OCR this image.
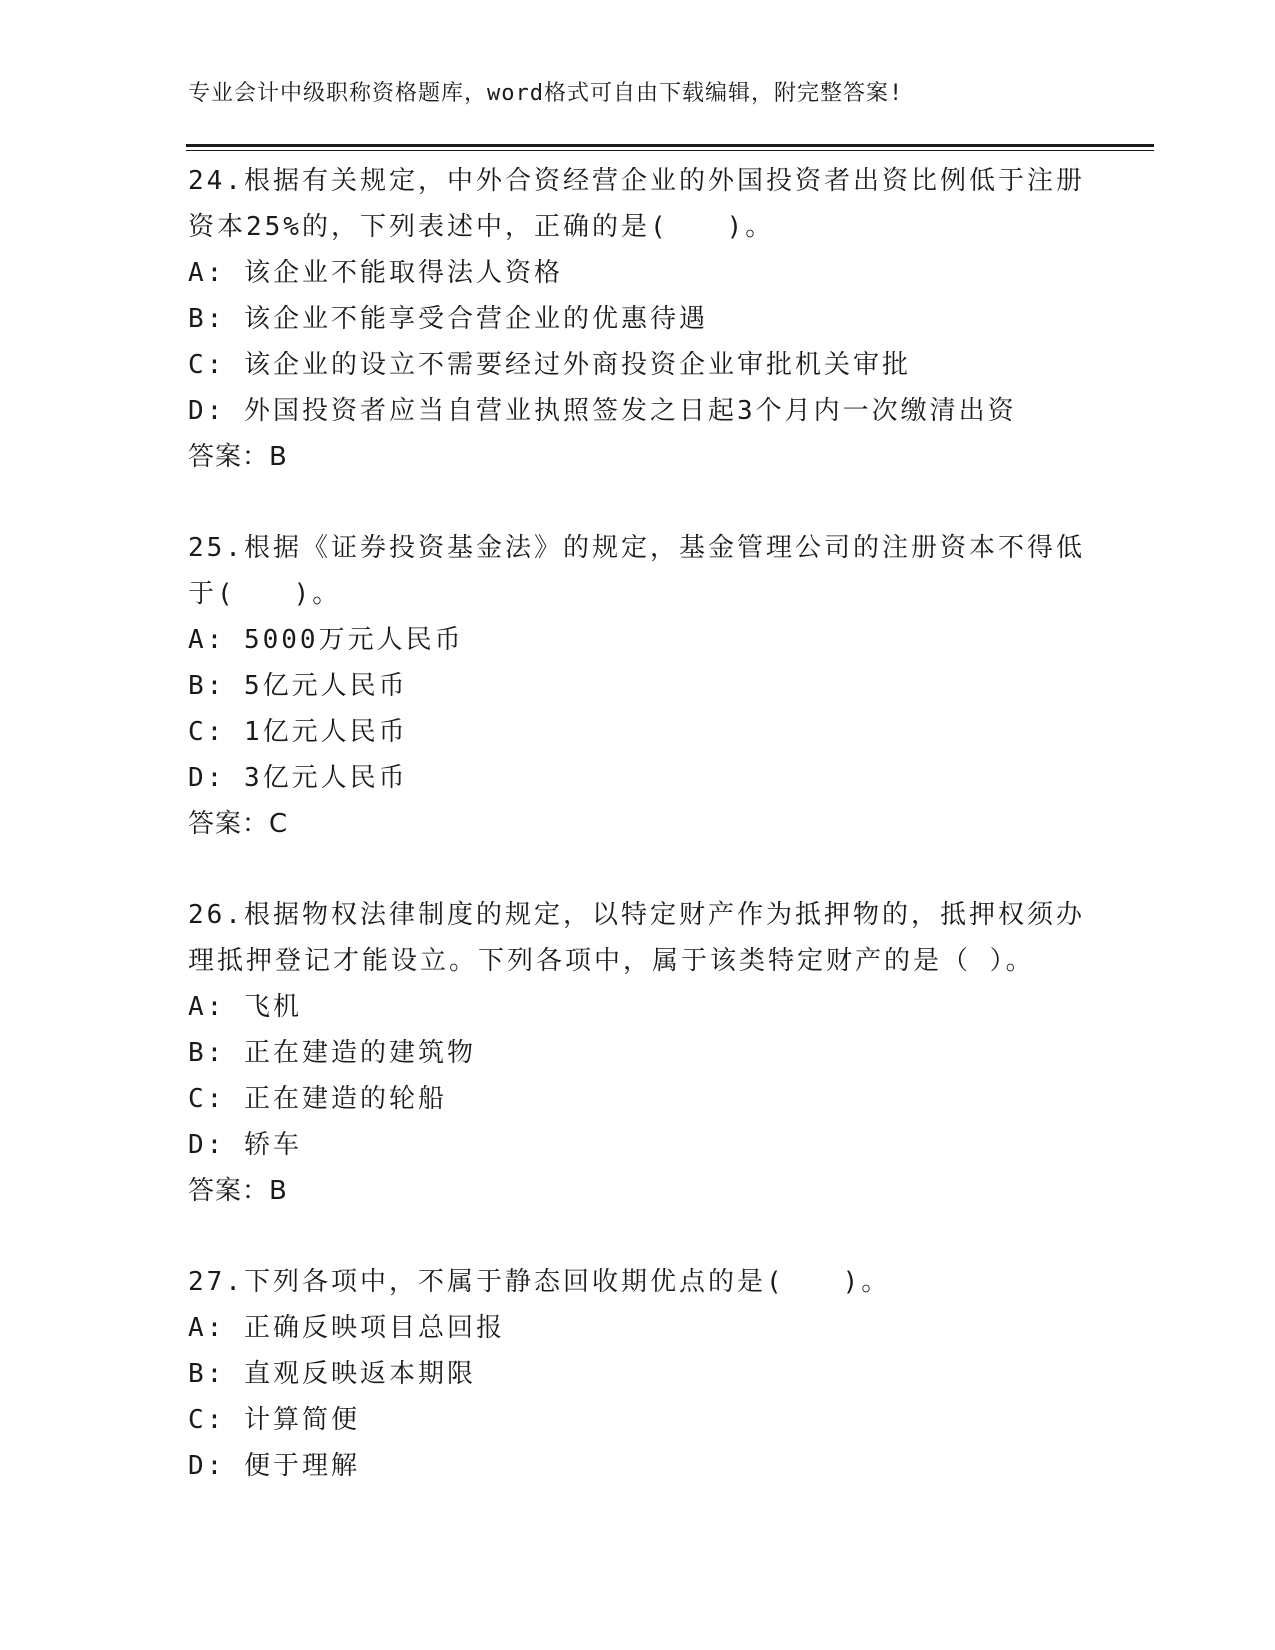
专业会计中级职称资格题库，word格式可自由下载编辑，附完整答案!
24.根据有关规定，中外合资经营企业的外国投资者出资比例低于注册
资本25%的，下列表述中，正确的是(　　)。
A: 该企业不能取得法人资格
B: 该企业不能享受合营企业的优惠待遇
C: 该企业的设立不需要经过外商投资企业审批机关审批
D: 外国投资者应当自营业执照签发之日起3个月内一次缴清出资
答案：B
25.根据《证券投资基金法》的规定，基金管理公司的注册资本不得低
于(　　)。
A: 5000万元人民币
B: 5亿元人民币
C: 1亿元人民币
D: 3亿元人民币
答案：C
26.根据物权法律制度的规定，以特定财产作为抵押物的，抵押权须办
理抵押登记才能设立。下列各项中，属于该类特定财产的是（ ）。
A: 飞机
B: 正在建造的建筑物
C: 正在建造的轮船
D: 轿车
答案：B
27.下列各项中，不属于静态回收期优点的是(　　)。
A: 正确反映项目总回报
B: 直观反映返本期限
C: 计算简便
D: 便于理解
